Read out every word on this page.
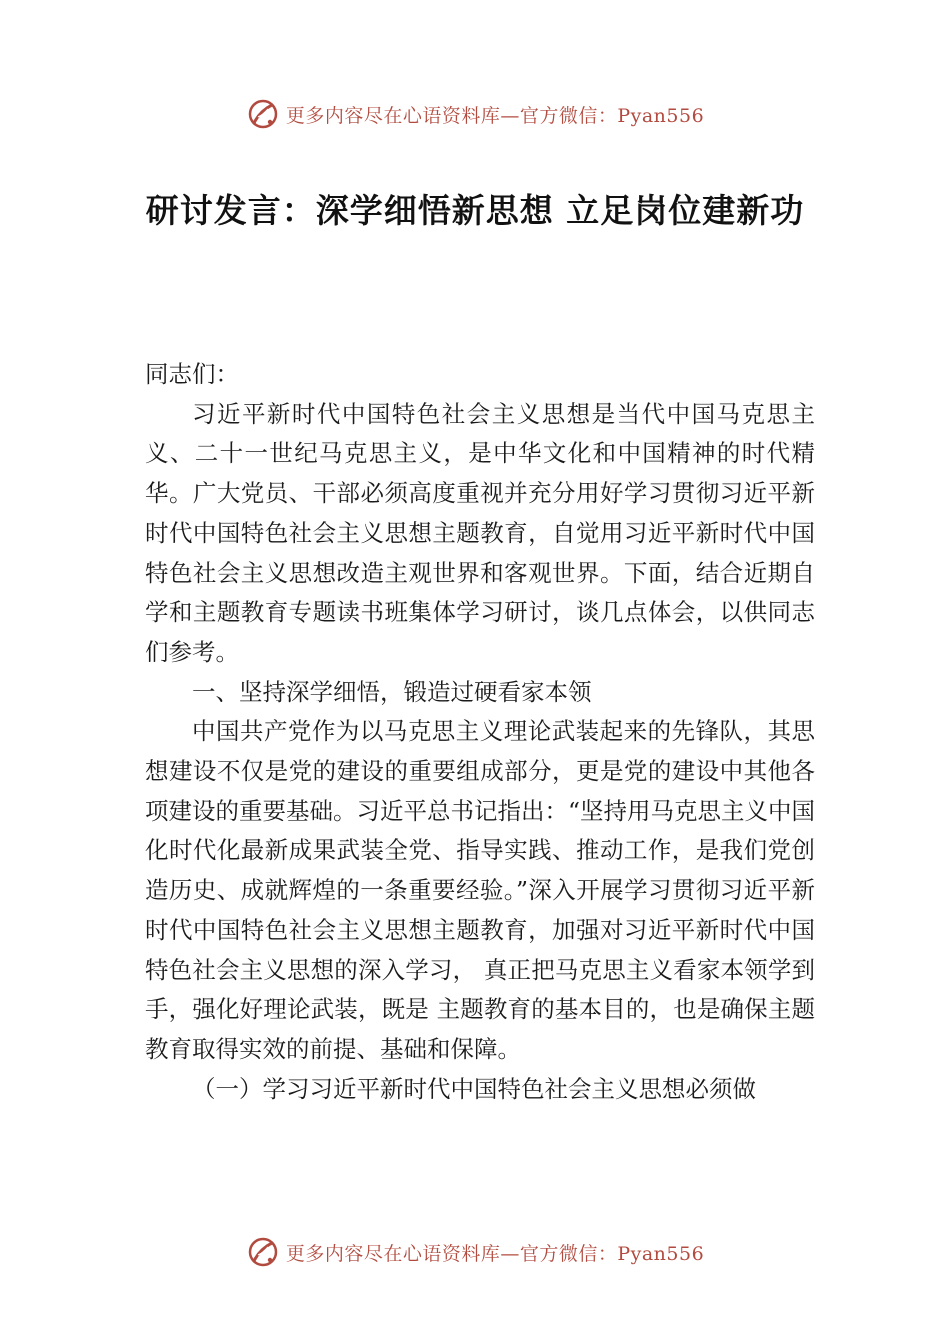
更多内容尽在心语资料库—官方微信：Pyan556
研讨发言：深学细悟新思想 立足岗位建新功

同志们：

习近平新时代中国特色社会主义思想是当代中国马克思主义、二十一世纪马克思主义，是中华文化和中国精神的时代精华。广大党员、干部必须高度重视并充分用好学习贯彻习近平新时代中国特色社会主义思想主题教育，自觉用习近平新时代中国特色社会主义思想改造主观世界和客观世界。下面，结合近期自学和主题教育专题读书班集体学习研讨，谈几点体会，以供同志们参考。

一、坚持深学细悟，锻造过硬看家本领

中国共产党作为以马克思主义理论武装起来的先锋队，其思想建设不仅是党的建设的重要组成部分，更是党的建设中其他各项建设的重要基础。习近平总书记指出：“坚持用马克思主义中国化时代化最新成果武装全党、指导实践、推动工作，是我们党创造历史、成就辉煌的一条重要经验。”深入开展学习贯彻习近平新时代中国特色社会主义思想主题教育，加强对习近平新时代中国特色社会主义思想的深入学习， 真正把马克思主义看家本领学到手，强化好理论武装，既是 主题教育的基本目的，也是确保主题教育取得实效的前提、基础和保障。

（一）学习习近平新时代中国特色社会主义思想必须做

更多内容尽在心语资料库—官方微信：Pyan556
